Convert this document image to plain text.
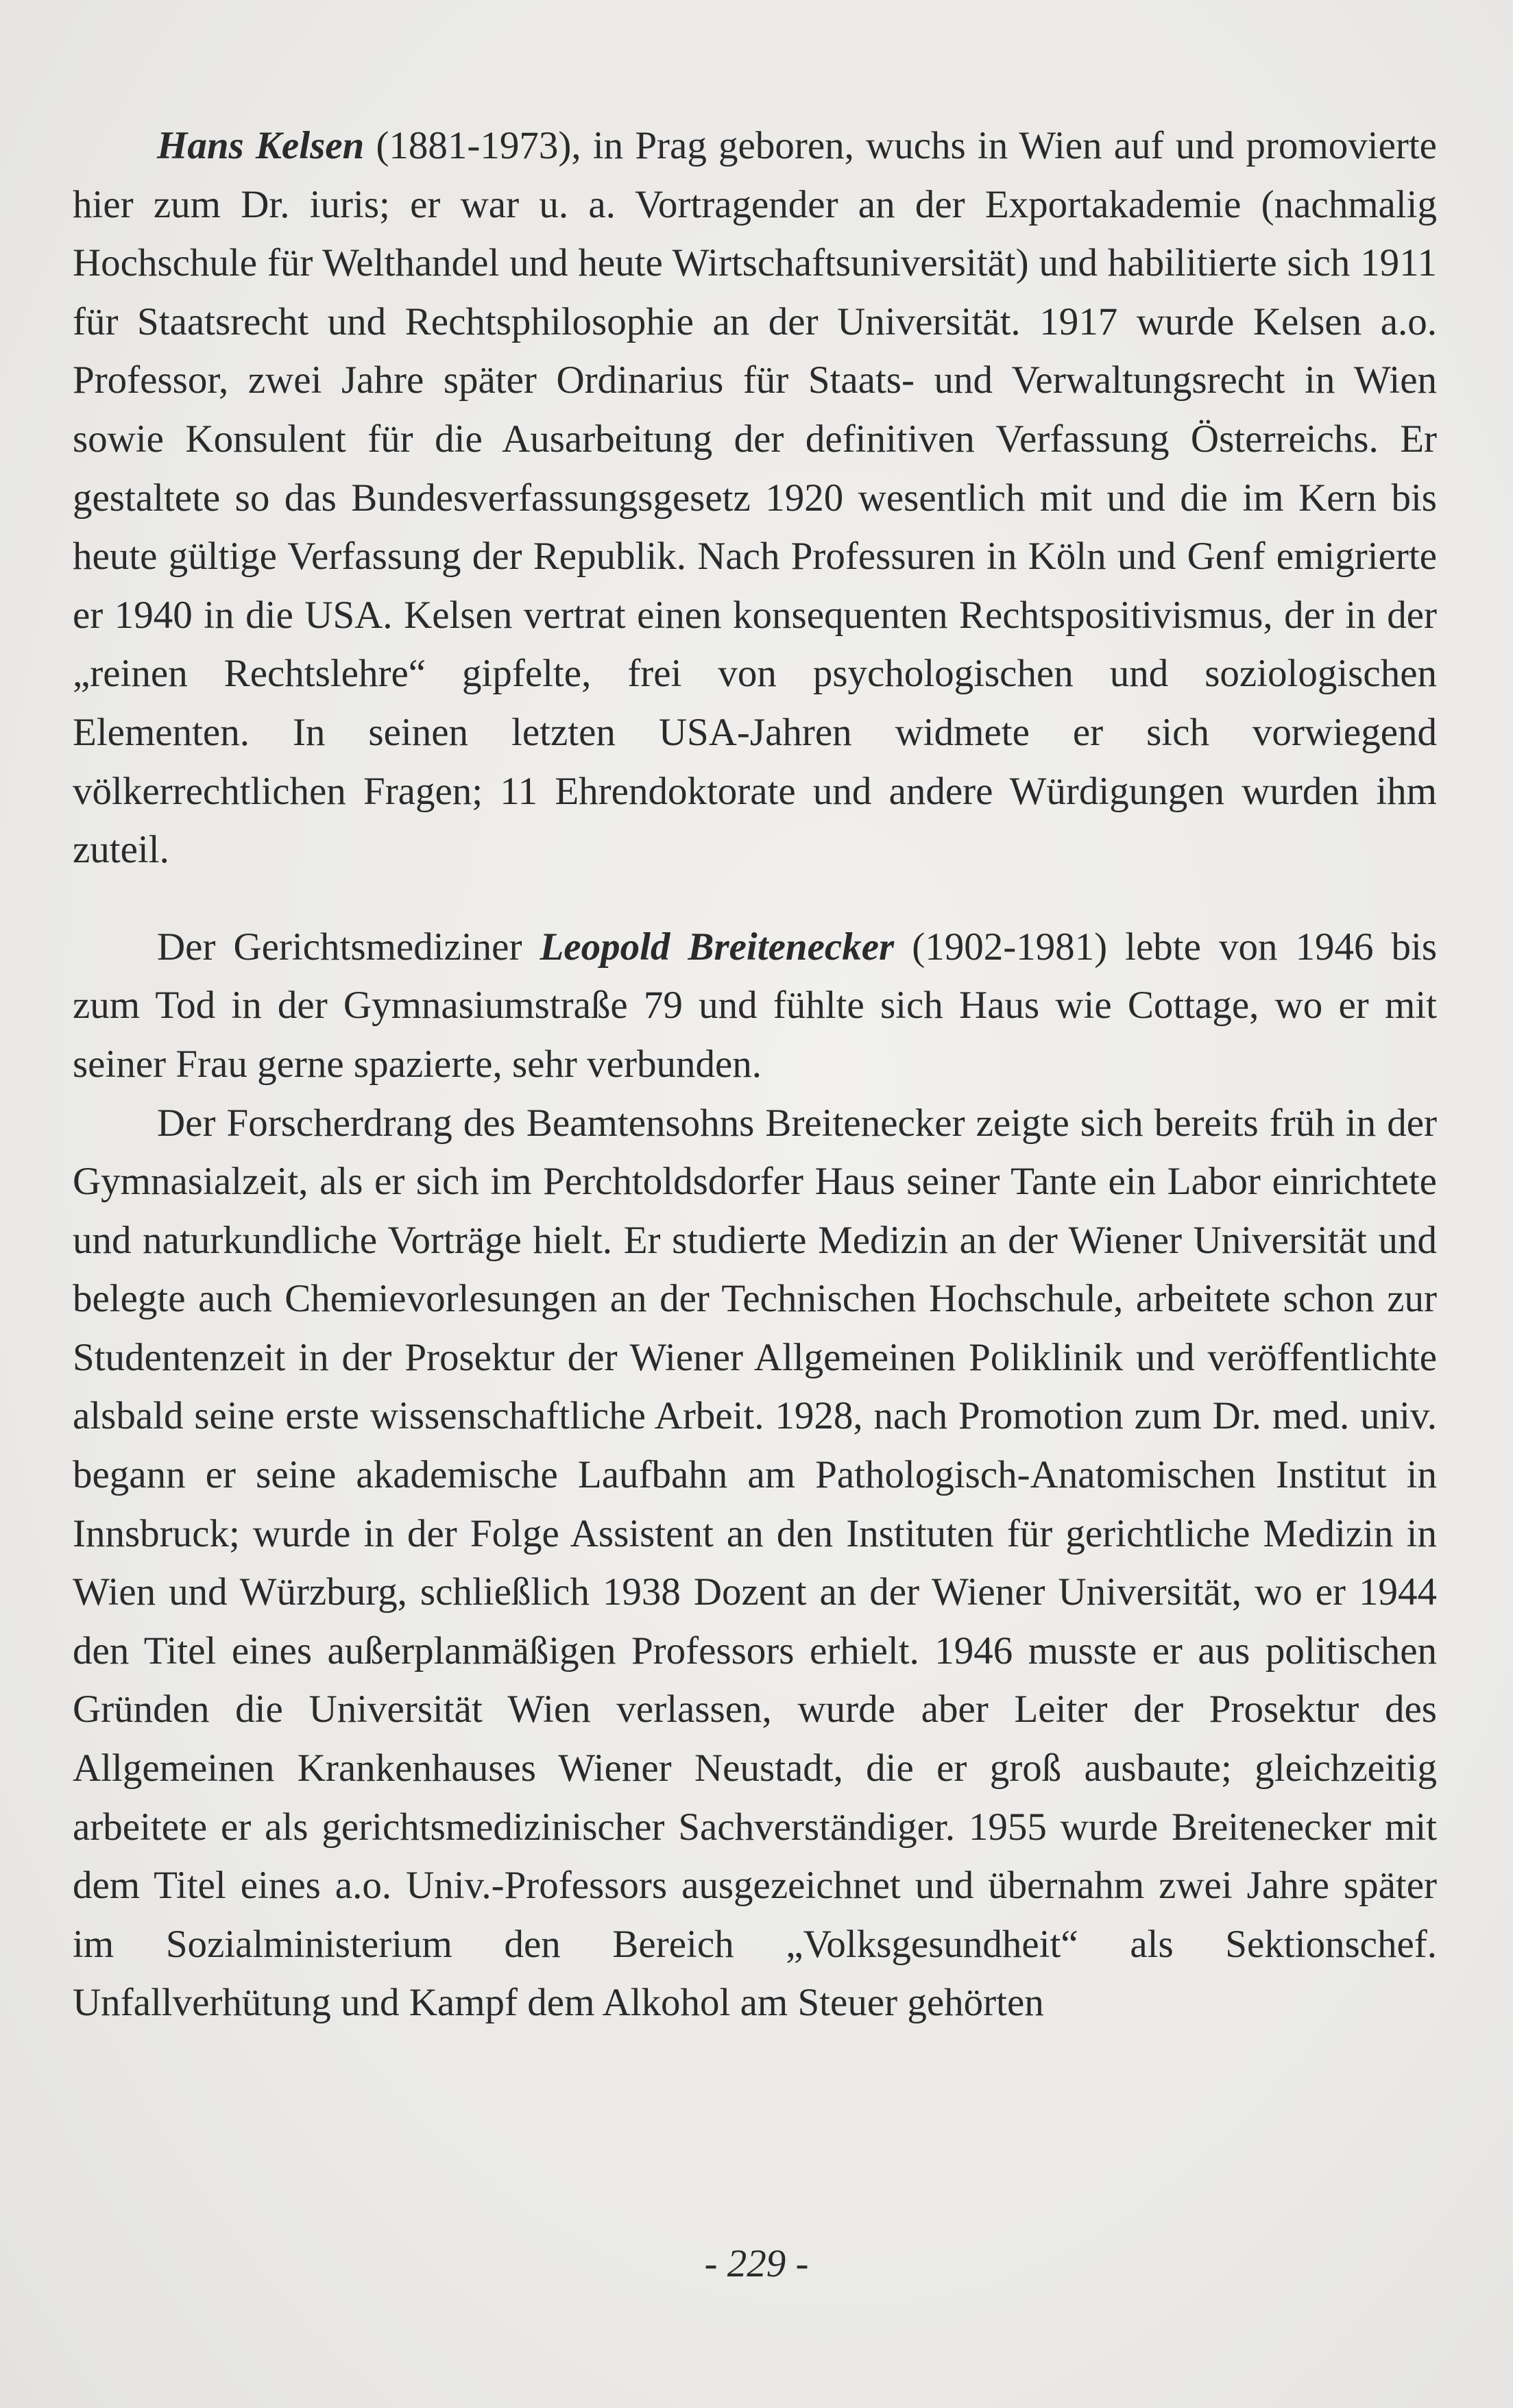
Hans Kelsen (1881-1973), in Prag geboren, wuchs in Wien auf und promovierte hier zum Dr. iuris; er war u. a. Vortragender an der Exportakademie (nachmalig Hochschule für Welthandel und heute Wirtschaftsuniversität) und habilitierte sich 1911 für Staatsrecht und Rechtsphilosophie an der Universität. 1917 wurde Kelsen a.o. Professor, zwei Jahre später Ordinarius für Staats- und Verwaltungsrecht in Wien sowie Konsulent für die Ausarbeitung der definitiven Verfassung Österreichs. Er gestaltete so das Bundesverfassungsgesetz 1920 wesentlich mit und die im Kern bis heute gültige Verfassung der Republik. Nach Professuren in Köln und Genf emigrierte er 1940 in die USA. Kelsen vertrat einen konsequenten Rechtspositivismus, der in der „reinen Rechtslehre“ gipfelte, frei von psychologischen und soziologischen Elementen. In seinen letzten USA-Jahren widmete er sich vorwiegend völkerrechtlichen Fragen; 11 Ehrendoktorate und andere Würdigungen wurden ihm zuteil.

Der Gerichtsmediziner Leopold Breitenecker (1902-1981) lebte von 1946 bis zum Tod in der Gymnasiumstraße 79 und fühlte sich Haus wie Cottage, wo er mit seiner Frau gerne spazierte, sehr verbunden.

Der Forscherdrang des Beamtensohns Breitenecker zeigte sich bereits früh in der Gymnasialzeit, als er sich im Perchtoldsdorfer Haus seiner Tante ein Labor einrichtete und naturkundliche Vorträge hielt. Er studierte Medizin an der Wiener Universität und belegte auch Chemievorlesungen an der Technischen Hochschule, arbeitete schon zur Studentenzeit in der Prosektur der Wiener Allgemeinen Poliklinik und veröffentlichte alsbald seine erste wissenschaftliche Arbeit. 1928, nach Promotion zum Dr. med. univ. begann er seine akademische Laufbahn am Pathologisch-Anatomischen Institut in Innsbruck; wurde in der Folge Assistent an den Instituten für gerichtliche Medizin in Wien und Würzburg, schließlich 1938 Dozent an der Wiener Universität, wo er 1944 den Titel eines außerplanmäßigen Professors erhielt. 1946 musste er aus politischen Gründen die Universität Wien verlassen, wurde aber Leiter der Prosektur des Allgemeinen Krankenhauses Wiener Neustadt, die er groß ausbaute; gleichzeitig arbeitete er als gerichtsmedizinischer Sachverständiger. 1955 wurde Breitenecker mit dem Titel eines a.o. Univ.-Professors ausgezeichnet und übernahm zwei Jahre später im Sozialministerium den Bereich „Volksgesundheit“ als Sektionschef. Unfallverhütung und Kampf dem Alkohol am Steuer gehörten

- 229 -
